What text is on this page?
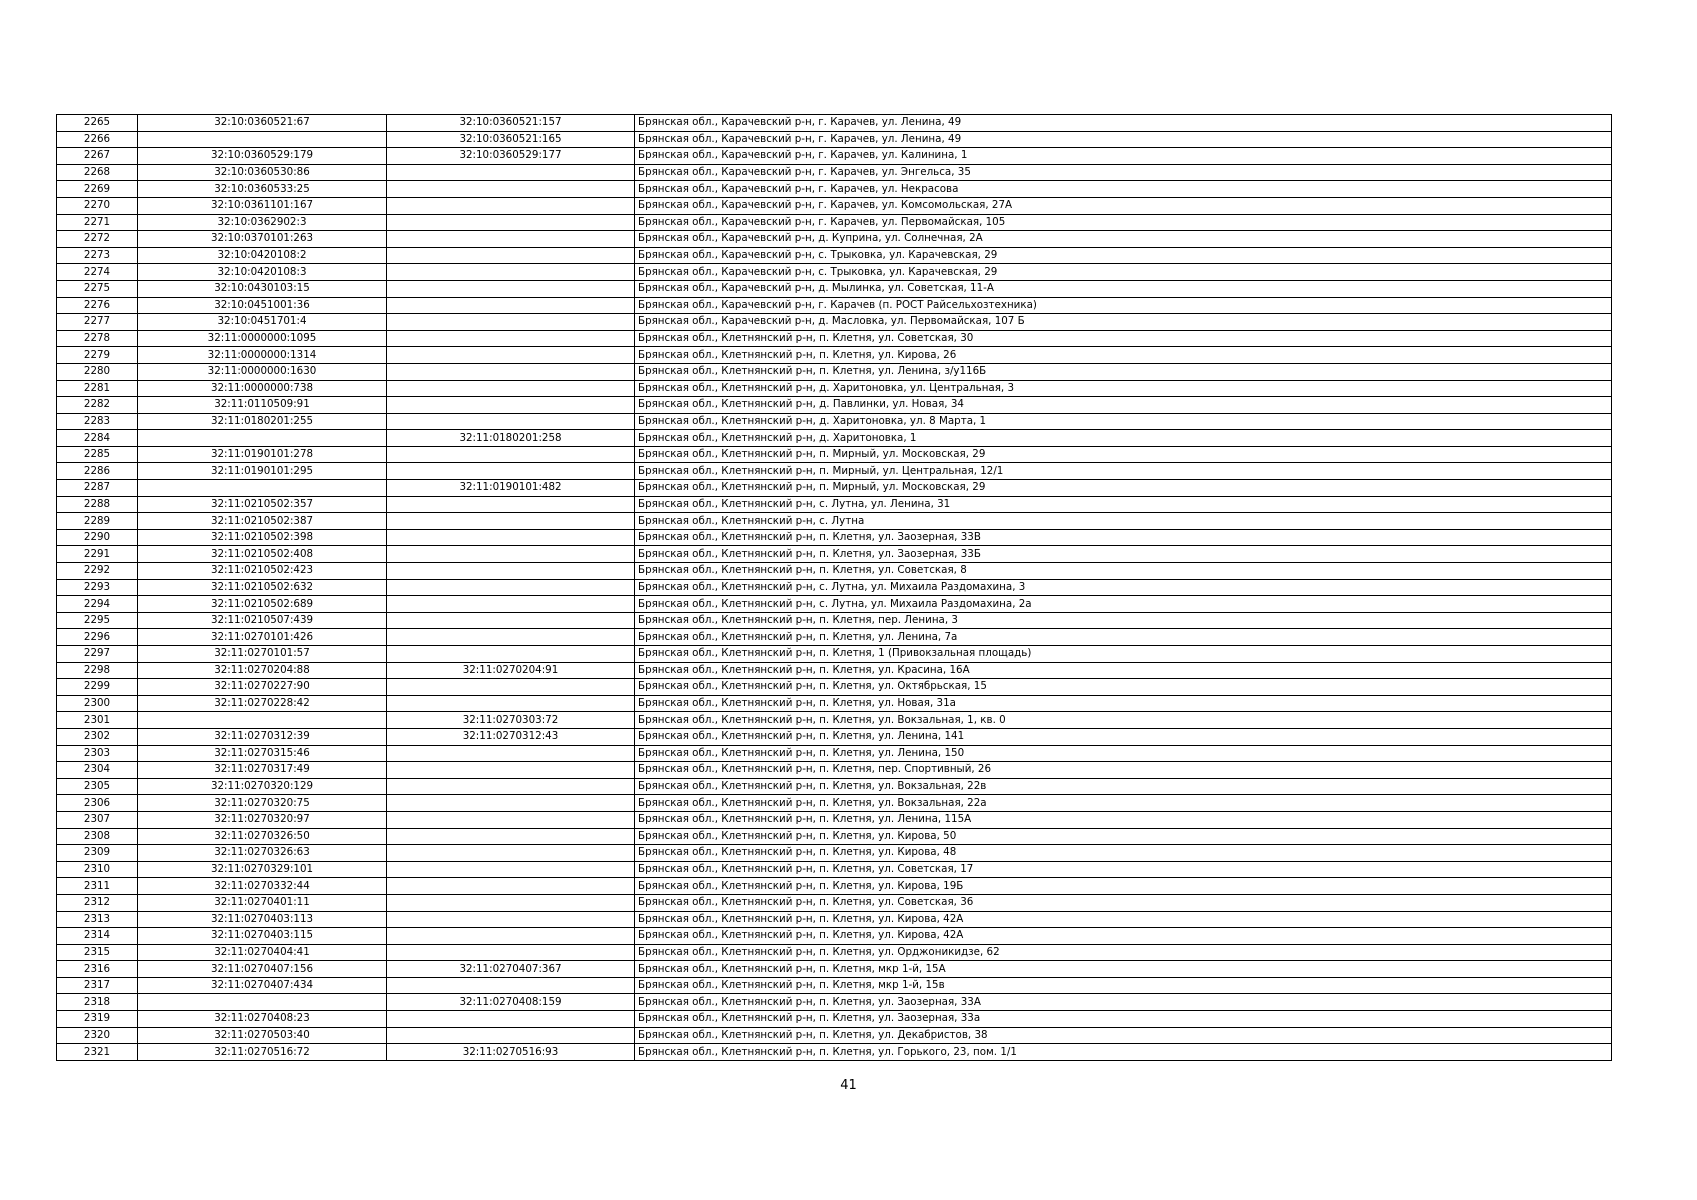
2265	32:10:0360521:67	32:10:0360521:157	Брянская обл., Карачевский р-н, г. Карачев, ул. Ленина, 49
2266		32:10:0360521:165	Брянская обл., Карачевский р-н, г. Карачев, ул. Ленина, 49
2267	32:10:0360529:179	32:10:0360529:177	Брянская обл., Карачевский р-н, г. Карачев, ул. Калинина, 1
2268	32:10:0360530:86		Брянская обл., Карачевский р-н, г. Карачев, ул. Энгельса, 35
2269	32:10:0360533:25		Брянская обл., Карачевский р-н, г. Карачев, ул. Некрасова
2270	32:10:0361101:167		Брянская обл., Карачевский р-н, г. Карачев, ул. Комсомольская, 27А
2271	32:10:0362902:3		Брянская обл., Карачевский р-н, г. Карачев, ул. Первомайская, 105
2272	32:10:0370101:263		Брянская обл., Карачевский р-н, д. Куприна, ул. Солнечная, 2А
2273	32:10:0420108:2		Брянская обл., Карачевский р-н, с. Трыковка, ул. Карачевская, 29
2274	32:10:0420108:3		Брянская обл., Карачевский р-н, с. Трыковка, ул. Карачевская, 29
2275	32:10:0430103:15		Брянская обл., Карачевский р-н, д. Мылинка, ул. Советская, 11-А
2276	32:10:0451001:36		Брянская обл., Карачевский р-н, г. Карачев (п. РОСТ Райсельхозтехника)
2277	32:10:0451701:4		Брянская обл., Карачевский р-н, д. Масловка, ул. Первомайская, 107 Б
2278	32:11:0000000:1095		Брянская обл., Клетнянский р-н, п. Клетня, ул. Советская, 30
2279	32:11:0000000:1314		Брянская обл., Клетнянский р-н, п. Клетня, ул. Кирова, 26
2280	32:11:0000000:1630		Брянская обл., Клетнянский р-н, п. Клетня, ул. Ленина, з/у116Б
2281	32:11:0000000:738		Брянская обл., Клетнянский р-н, д. Харитоновка, ул. Центральная, 3
2282	32:11:0110509:91		Брянская обл., Клетнянский р-н, д. Павлинки, ул. Новая, 34
2283	32:11:0180201:255		Брянская обл., Клетнянский р-н, д. Харитоновка, ул. 8 Марта, 1
2284		32:11:0180201:258	Брянская обл., Клетнянский р-н, д. Харитоновка, 1
2285	32:11:0190101:278		Брянская обл., Клетнянский р-н, п. Мирный, ул. Московская, 29
2286	32:11:0190101:295		Брянская обл., Клетнянский р-н, п. Мирный, ул. Центральная, 12/1
2287		32:11:0190101:482	Брянская обл., Клетнянский р-н, п. Мирный, ул. Московская, 29
2288	32:11:0210502:357		Брянская обл., Клетнянский р-н, с. Лутна, ул. Ленина, 31
2289	32:11:0210502:387		Брянская обл., Клетнянский р-н, с. Лутна
2290	32:11:0210502:398		Брянская обл., Клетнянский р-н, п. Клетня, ул. Заозерная, 33В
2291	32:11:0210502:408		Брянская обл., Клетнянский р-н, п. Клетня, ул. Заозерная, 33Б
2292	32:11:0210502:423		Брянская обл., Клетнянский р-н, п. Клетня, ул. Советская, 8
2293	32:11:0210502:632		Брянская обл., Клетнянский р-н, с. Лутна, ул. Михаила Раздомахина, 3
2294	32:11:0210502:689		Брянская обл., Клетнянский р-н, с. Лутна, ул. Михаила Раздомахина, 2а
2295	32:11:0210507:439		Брянская обл., Клетнянский р-н, п. Клетня, пер. Ленина, 3
2296	32:11:0270101:426		Брянская обл., Клетнянский р-н, п. Клетня, ул. Ленина, 7а
2297	32:11:0270101:57		Брянская обл., Клетнянский р-н, п. Клетня, 1 (Привокзальная площадь)
2298	32:11:0270204:88	32:11:0270204:91	Брянская обл., Клетнянский р-н, п. Клетня, ул. Красина, 16А
2299	32:11:0270227:90		Брянская обл., Клетнянский р-н, п. Клетня, ул. Октябрьская, 15
2300	32:11:0270228:42		Брянская обл., Клетнянский р-н, п. Клетня, ул. Новая, 31а
2301		32:11:0270303:72	Брянская обл., Клетнянский р-н, п. Клетня, ул. Вокзальная, 1, кв. 0
2302	32:11:0270312:39	32:11:0270312:43	Брянская обл., Клетнянский р-н, п. Клетня, ул. Ленина, 141
2303	32:11:0270315:46		Брянская обл., Клетнянский р-н, п. Клетня, ул. Ленина, 150
2304	32:11:0270317:49		Брянская обл., Клетнянский р-н, п. Клетня, пер. Спортивный, 26
2305	32:11:0270320:129		Брянская обл., Клетнянский р-н, п. Клетня, ул. Вокзальная, 22в
2306	32:11:0270320:75		Брянская обл., Клетнянский р-н, п. Клетня, ул. Вокзальная, 22а
2307	32:11:0270320:97		Брянская обл., Клетнянский р-н, п. Клетня, ул. Ленина, 115А
2308	32:11:0270326:50		Брянская обл., Клетнянский р-н, п. Клетня, ул. Кирова, 50
2309	32:11:0270326:63		Брянская обл., Клетнянский р-н, п. Клетня, ул. Кирова, 48
2310	32:11:0270329:101		Брянская обл., Клетнянский р-н, п. Клетня, ул. Советская, 17
2311	32:11:0270332:44		Брянская обл., Клетнянский р-н, п. Клетня, ул. Кирова, 19Б
2312	32:11:0270401:11		Брянская обл., Клетнянский р-н, п. Клетня, ул. Советская, 36
2313	32:11:0270403:113		Брянская обл., Клетнянский р-н, п. Клетня, ул. Кирова, 42А
2314	32:11:0270403:115		Брянская обл., Клетнянский р-н, п. Клетня, ул. Кирова, 42А
2315	32:11:0270404:41		Брянская обл., Клетнянский р-н, п. Клетня, ул. Орджоникидзе, 62
2316	32:11:0270407:156	32:11:0270407:367	Брянская обл., Клетнянский р-н, п. Клетня, мкр 1-й, 15А
2317	32:11:0270407:434		Брянская обл., Клетнянский р-н, п. Клетня, мкр 1-й, 15в
2318		32:11:0270408:159	Брянская обл., Клетнянский р-н, п. Клетня, ул. Заозерная, 33А
2319	32:11:0270408:23		Брянская обл., Клетнянский р-н, п. Клетня, ул. Заозерная, 33а
2320	32:11:0270503:40		Брянская обл., Клетнянский р-н, п. Клетня, ул. Декабристов, 38
2321	32:11:0270516:72	32:11:0270516:93	Брянская обл., Клетнянский р-н, п. Клетня, ул. Горького, 23, пом. 1/1
41
